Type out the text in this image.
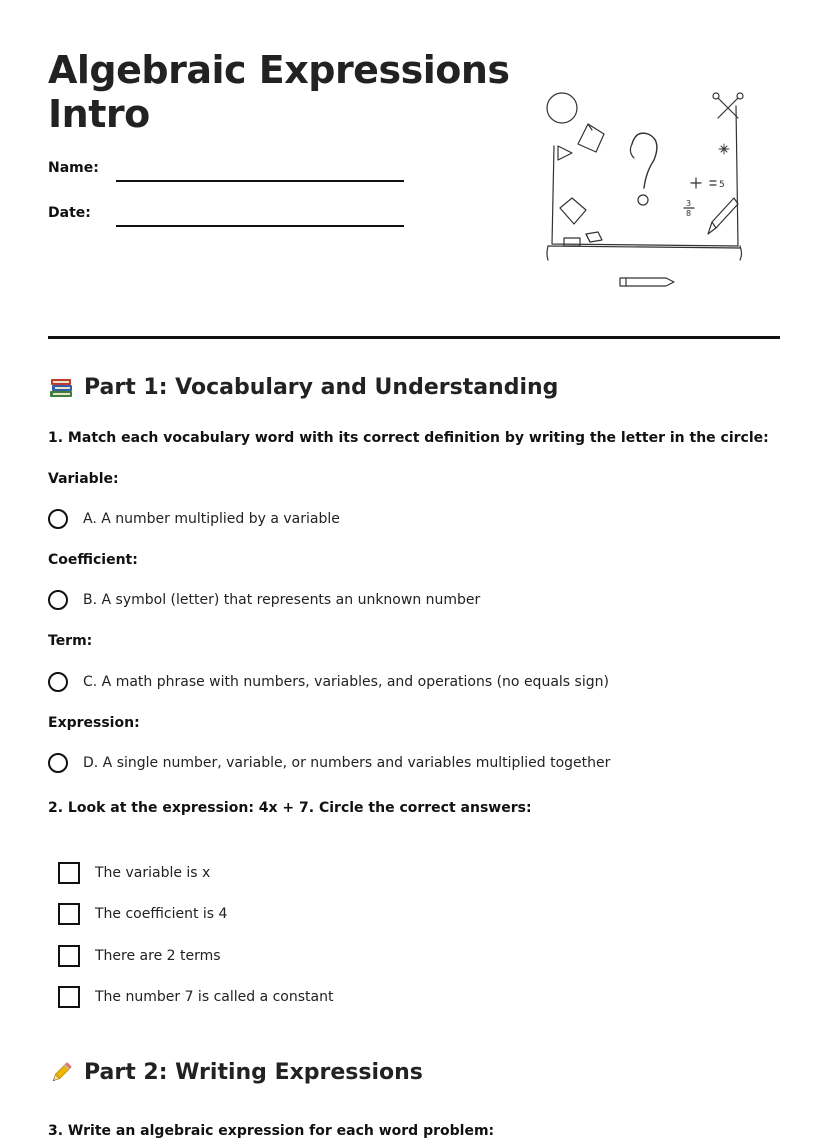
Algebraic Expressions
Intro
Name:
Date:
5
3
8
Part 1: Vocabulary and Understanding

1. Match each vocabulary word with its correct definition by writing the letter in the circle:

Variable:

A. A number multiplied by a variable

Coefficient:

B. A symbol (letter) that represents an unknown number

Term:

C. A math phrase with numbers, variables, and operations (no equals sign)

Expression:

D. A single number, variable, or numbers and variables multiplied together

2. Look at the expression: 4x + 7. Circle the correct answers:

The variable is x
The coefficient is 4
There are 2 terms
The number 7 is called a constant
Part 2: Writing Expressions

3. Write an algebraic expression for each word problem:
